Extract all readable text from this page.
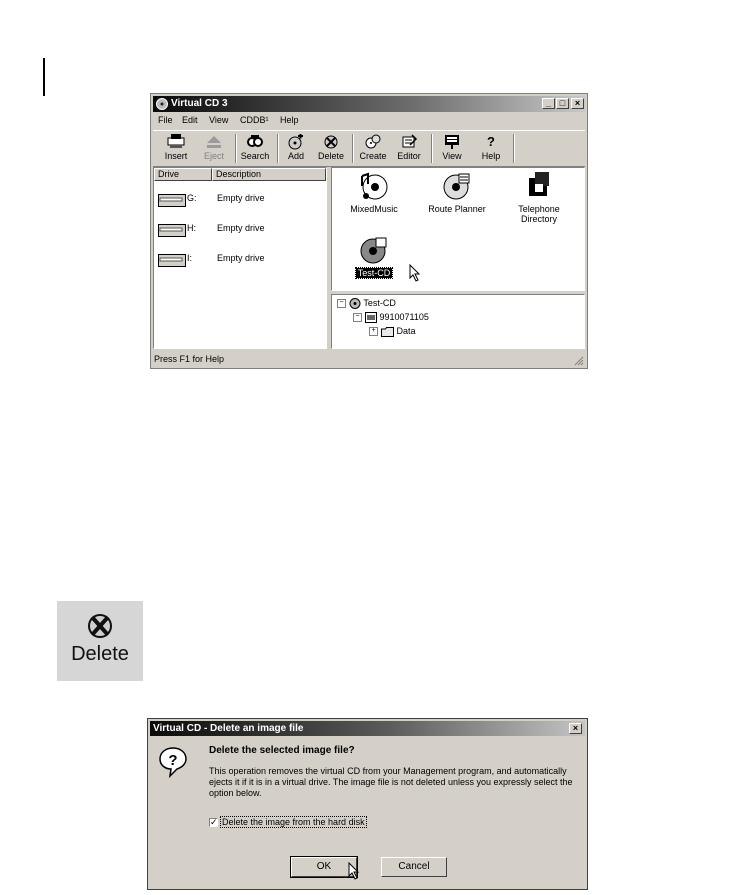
Virtual CD 3	_ □	×
File Edit View CDDB¹ Help
Insert	Eject	Search	Add	Delete	Create	Editor	View
?
Help
Drive	Description
G: Empty drive
H: Empty drive
I:	Empty drive
MixedMusic	Route Planner	Telephone Directory
Test-CD
− Test-CD
− 9910071105
+ Data
Press F1 for Help
Delete
Virtual CD - Delete an image file	×
?
Delete the selected image file?
This operation removes the virtual CD from your Management program, and automatically ejects it if it is in a virtual drive. The image file is not deleted unless you expressly select the option below.
✓ Delete the image from the hard disk
OK	Cancel
